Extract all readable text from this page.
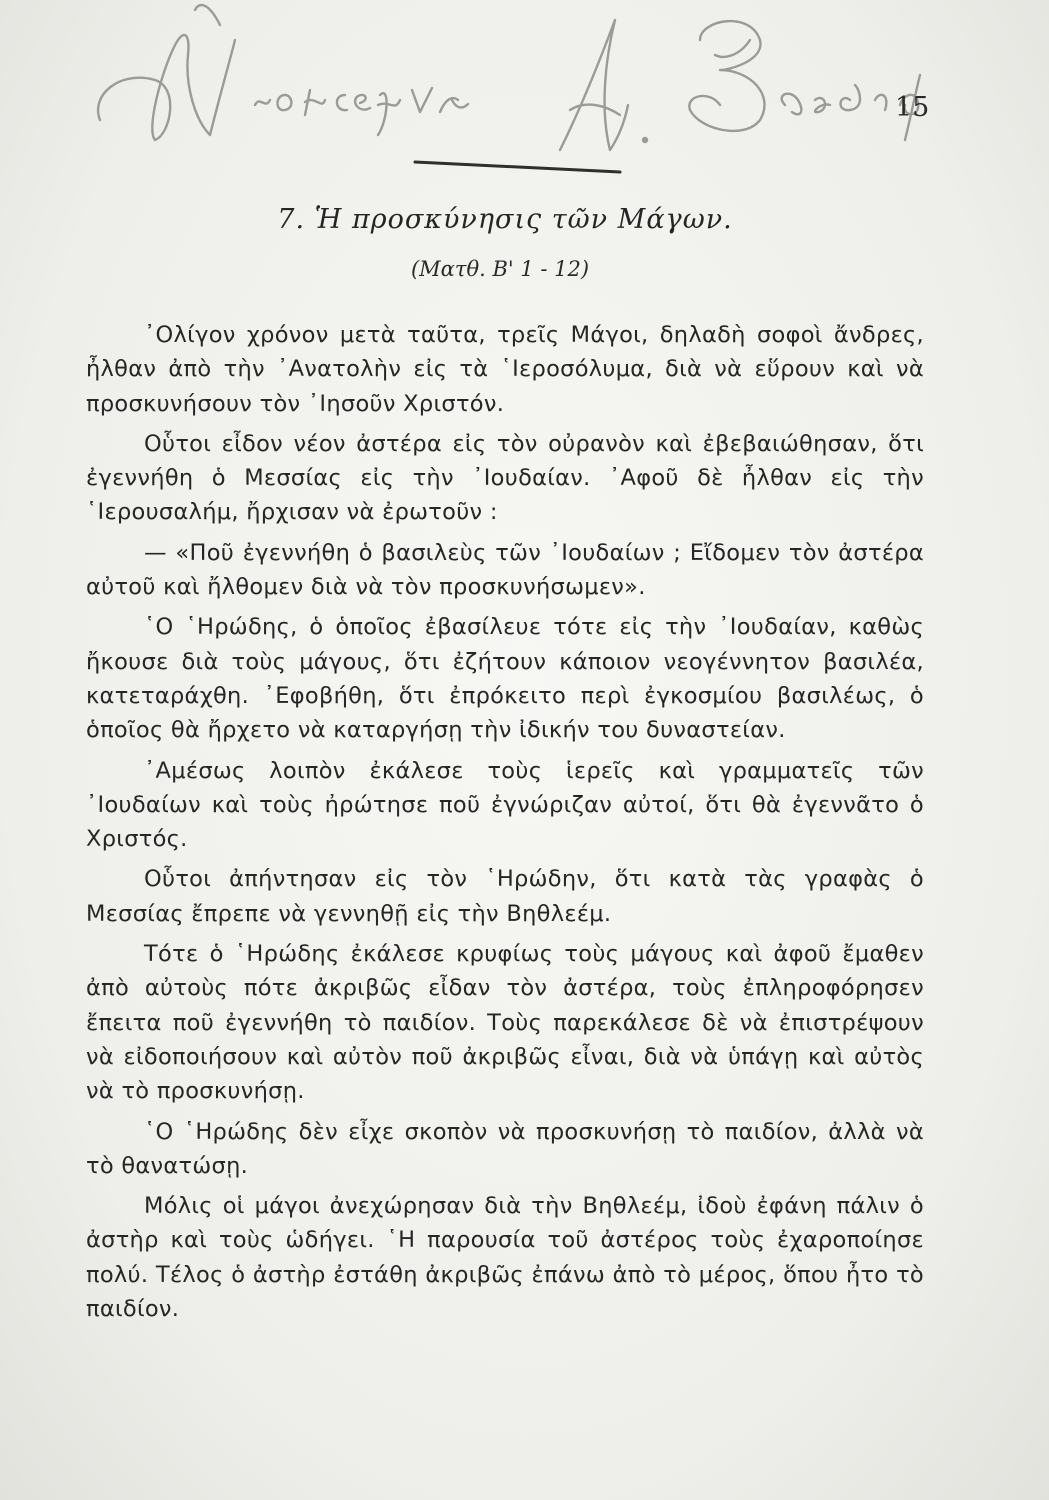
15
7. Ἡ προσκύνησις τῶν Μάγων.
(Ματθ. Β' 1 - 12)

᾿Ολίγον χρόνον μετὰ ταῦτα, τρεῖς Μάγοι, δηλαδὴ σοφοὶ ἄνδρες, ἦλθαν ἀπὸ τὴν ᾿Ανατολὴν εἰς τὰ ῾Ιεροσόλυμα, διὰ νὰ εὕρουν καὶ νὰ προσκυνήσουν τὸν ᾿Ιησοῦν Χριστόν.

Οὗτοι εἶδον νέον ἀστέρα εἰς τὸν οὐρανὸν καὶ ἐβεβαιώθησαν, ὅτι ἐγεννήθη ὁ Μεσσίας εἰς τὴν ᾿Ιουδαίαν. ᾿Αφοῦ δὲ ἦλθαν εἰς τὴν ῾Ιερουσαλήμ, ἤρχισαν νὰ ἐρωτοῦν :

— «Ποῦ ἐγεννήθη ὁ βασιλεὺς τῶν ᾿Ιουδαίων ; Εἴδομεν τὸν ἀστέρα αὐτοῦ καὶ ἤλθομεν διὰ νὰ τὸν προσκυνήσωμεν».

῾Ο ῾Ηρώδης, ὁ ὁποῖος ἐβασίλευε τότε εἰς τὴν ᾿Ιουδαίαν, καθὼς ἤκουσε διὰ τοὺς μάγους, ὅτι ἐζήτουν κάποιον νεογέννητον βασιλέα, κατεταράχθη. ᾿Εφοβήθη, ὅτι ἐπρόκειτο περὶ ἐγκοσμίου βασιλέως, ὁ ὁποῖος θὰ ἤρχετο νὰ καταργήσῃ τὴν ἰδικήν του δυναστείαν.

᾿Αμέσως λοιπὸν ἐκάλεσε τοὺς ἱερεῖς καὶ γραμματεῖς τῶν ᾿Ιουδαίων καὶ τοὺς ἠρώτησε ποῦ ἐγνώριζαν αὐτοί, ὅτι θὰ ἐγεννᾶτο ὁ Χριστός.

Οὗτοι ἀπήντησαν εἰς τὸν ῾Ηρώδην, ὅτι κατὰ τὰς γραφὰς ὁ Μεσσίας ἔπρεπε νὰ γεννηθῇ εἰς τὴν Βηθλεέμ.

Τότε ὁ ῾Ηρώδης ἐκάλεσε κρυφίως τοὺς μάγους καὶ ἀφοῦ ἔμαθεν ἀπὸ αὐτοὺς πότε ἀκριβῶς εἶδαν τὸν ἀστέρα, τοὺς ἐπληροφόρησεν ἔπειτα ποῦ ἐγεννήθη τὸ παιδίον. Τοὺς παρεκάλεσε δὲ νὰ ἐπιστρέψουν νὰ εἰδοποιήσουν καὶ αὐτὸν ποῦ ἀκριβῶς εἶναι, διὰ νὰ ὑπάγῃ καὶ αὐτὸς νὰ τὸ προσκυνήσῃ.

῾Ο ῾Ηρώδης δὲν εἶχε σκοπὸν νὰ προσκυνήσῃ τὸ παιδίον, ἀλλὰ νὰ τὸ θανατώσῃ.

Μόλις οἱ μάγοι ἀνεχώρησαν διὰ τὴν Βηθλεέμ, ἰδοὺ ἐφάνη πάλιν ὁ ἀστὴρ καὶ τοὺς ὡδήγει. ῾Η παρουσία τοῦ ἀστέρος τοὺς ἐχαροποίησε πολύ. Τέλος ὁ ἀστὴρ ἐστάθη ἀκριβῶς ἐπάνω ἀπὸ τὸ μέρος, ὅπου ἦτο τὸ παιδίον.
